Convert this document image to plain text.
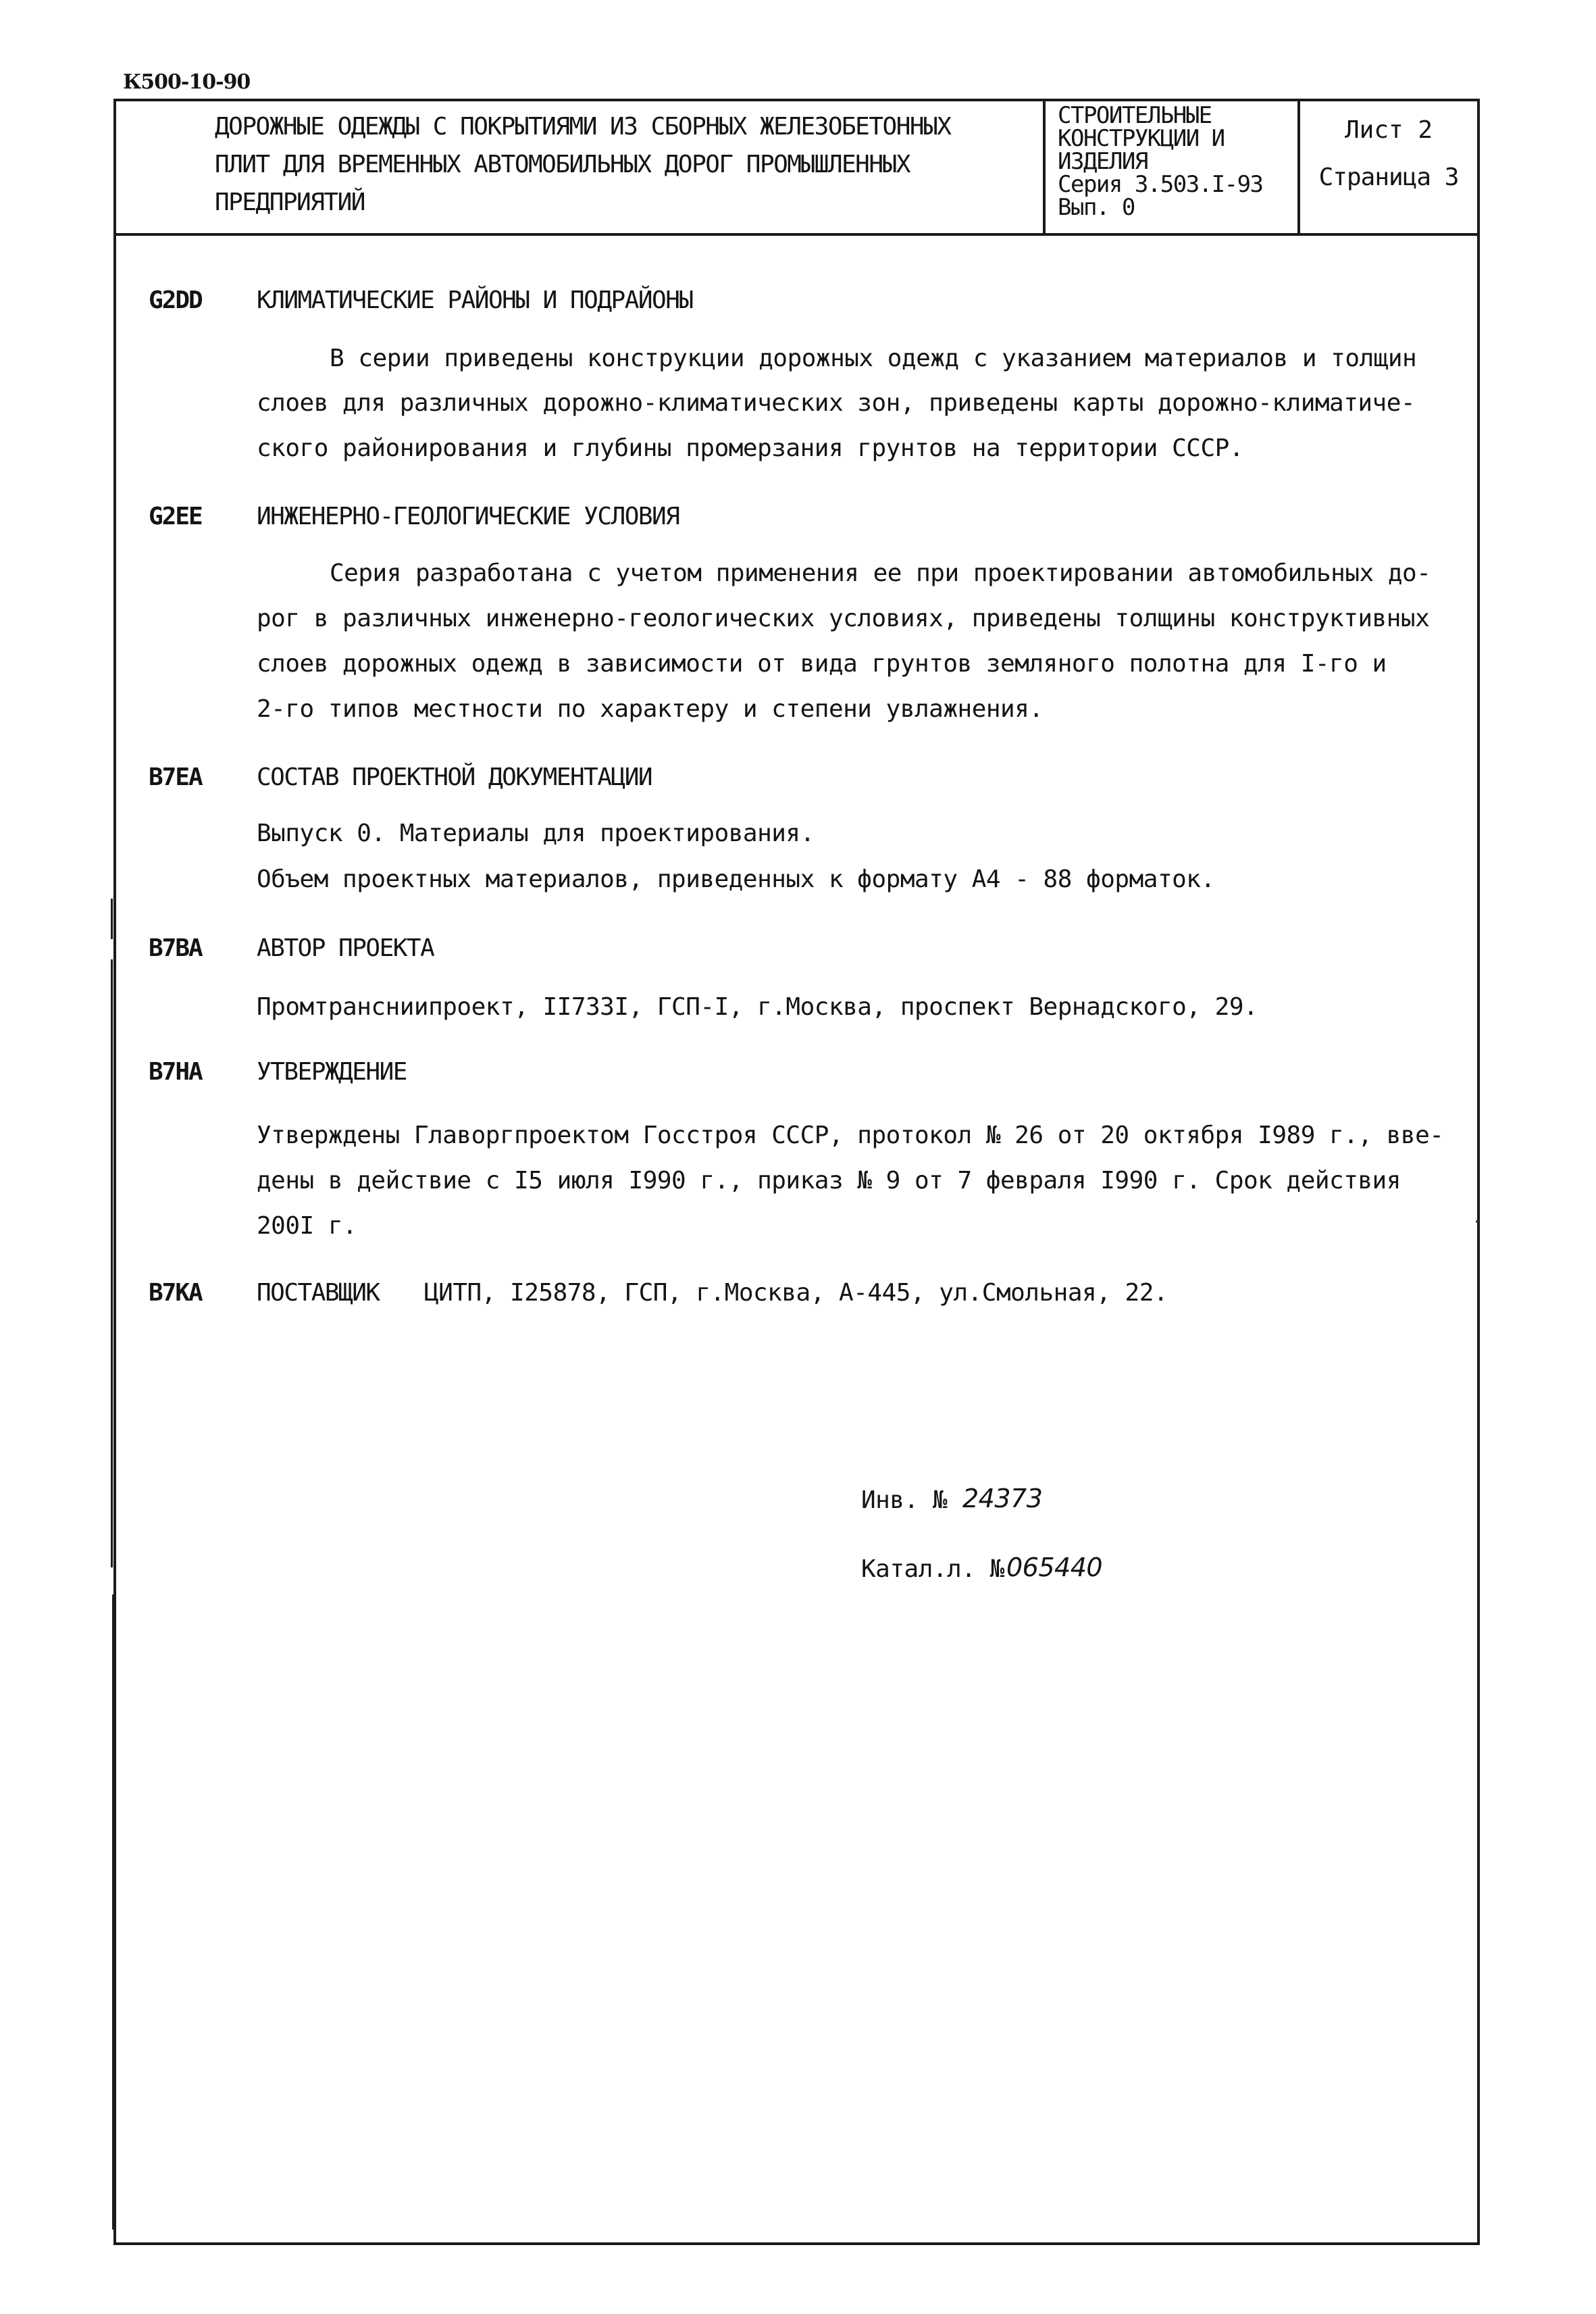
К500-10-90
ДОРОЖНЫЕ ОДЕЖДЫ С ПОКРЫТИЯМИ ИЗ СБОРНЫХ ЖЕЛЕЗОБЕТОННЫХ
ПЛИТ ДЛЯ ВРЕМЕННЫХ АВТОМОБИЛЬНЫХ ДОРОГ ПРОМЫШЛЕННЫХ
ПРЕДПРИЯТИЙ
СТРОИТЕЛЬНЫЕ
КОНСТРУКЦИИ И
ИЗДЕЛИЯ
Серия 3.503.I-93
Вып. 0
Лист 2
Страница 3
G2DD КЛИМАТИЧЕСКИЕ РАЙОНЫ И ПОДРАЙОНЫ
В серии приведены конструкции дорожных одежд с указанием материалов и толщин
слоев для различных дорожно-климатических зон, приведены карты дорожно-климатиче-
ского районирования и глубины промерзания грунтов на территории СССР.
G2EE ИНЖЕНЕРНО-ГЕОЛОГИЧЕСКИЕ УСЛОВИЯ
Серия разработана с учетом применения ее при проектировании автомобильных до-
рог в различных инженерно-геологических условиях, приведены толщины конструктивных
слоев дорожных одежд в зависимости от вида грунтов земляного полотна для I-го и
2-го типов местности по характеру и степени увлажнения.
B7EA СОСТАВ ПРОЕКТНОЙ ДОКУМЕНТАЦИИ
Выпуск 0. Материалы для проектирования.
Объем проектных материалов, приведенных к формату А4 - 88 форматок.
B7BA АВТОР ПРОЕКТА
Промтрансниипроект, II733I, ГСП-I, г.Москва, проспект Вернадского, 29.
B7HA УТВЕРЖДЕНИЕ
Утверждены Главоргпроектом Госстроя СССР, протокол № 26 от 20 октября I989 г., вве-
дены в действие с I5 июля I990 г., приказ № 9 от 7 февраля I990 г. Срок действия
200I г.
B7KA ПОСТАВЩИК ЦИТП, I25878, ГСП, г.Москва, А-445, ул.Смольная, 22.
Инв. № 24373
Катал.л. № 065440
